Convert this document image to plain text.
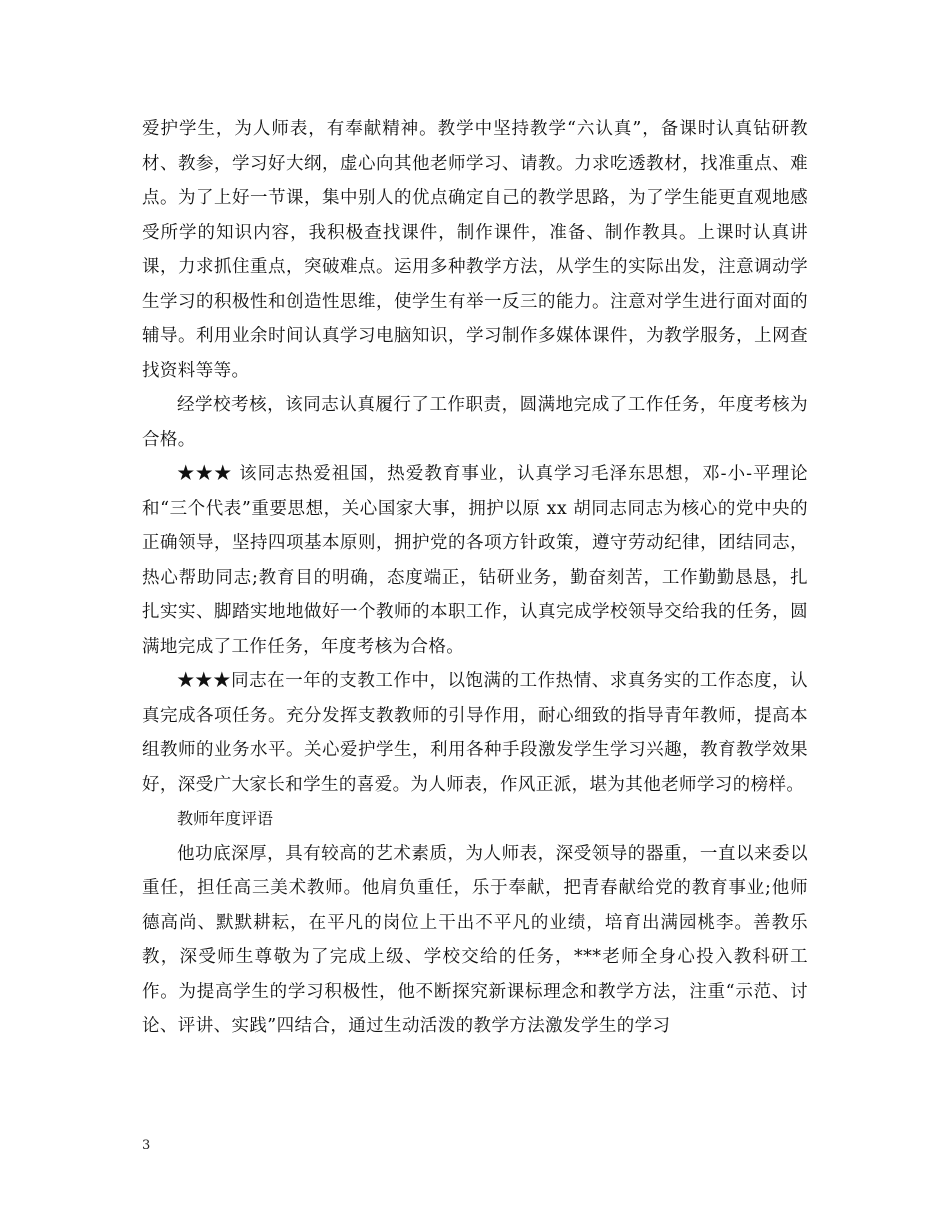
爱护学生，为人师表，有奉献精神。教学中坚持教学“六认真”，备课时认真钻研教材、教参，学习好大纲，虚心向其他老师学习、请教。力求吃透教材，找准重点、难点。为了上好一节课，集中别人的优点确定自己的教学思路，为了学生能更直观地感受所学的知识内容，我积极查找课件，制作课件，准备、制作教具。上课时认真讲课，力求抓住重点，突破难点。运用多种教学方法，从学生的实际出发，注意调动学生学习的积极性和创造性思维，使学生有举一反三的能力。注意对学生进行面对面的辅导。利用业余时间认真学习电脑知识，学习制作多媒体课件，为教学服务，上网查找资料等等。

经学校考核，该同志认真履行了工作职责，圆满地完成了工作任务，年度考核为合格。

★★★ 该同志热爱祖国，热爱教育事业，认真学习毛泽东思想，邓-小-平理论和“三个代表”重要思想，关心国家大事，拥护以原 xx 胡同志同志为核心的党中央的正确领导，坚持四项基本原则，拥护党的各项方针政策，遵守劳动纪律，团结同志，热心帮助同志;教育目的明确，态度端正，钻研业务，勤奋刻苦，工作勤勤恳恳，扎扎实实、脚踏实地地做好一个教师的本职工作，认真完成学校领导交给我的任务，圆满地完成了工作任务，年度考核为合格。

★★★同志在一年的支教工作中，以饱满的工作热情、求真务实的工作态度，认真完成各项任务。充分发挥支教教师的引导作用，耐心细致的指导青年教师，提高本组教师的业务水平。关心爱护学生，利用各种手段激发学生学习兴趣，教育教学效果好，深受广大家长和学生的喜爱。为人师表，作风正派，堪为其他老师学习的榜样。

教师年度评语

他功底深厚，具有较高的艺术素质，为人师表，深受领导的器重，一直以来委以重任，担任高三美术教师。他肩负重任，乐于奉献，把青春献给党的教育事业;他师德高尚、默默耕耘，在平凡的岗位上干出不平凡的业绩，培育出满园桃李。善教乐教，深受师生尊敬为了完成上级、学校交给的任务，***老师全身心投入教科研工作。为提高学生的学习积极性，他不断探究新课标理念和教学方法，注重“示范、讨论、评讲、实践”四结合，通过生动活泼的教学方法激发学生的学习

3
